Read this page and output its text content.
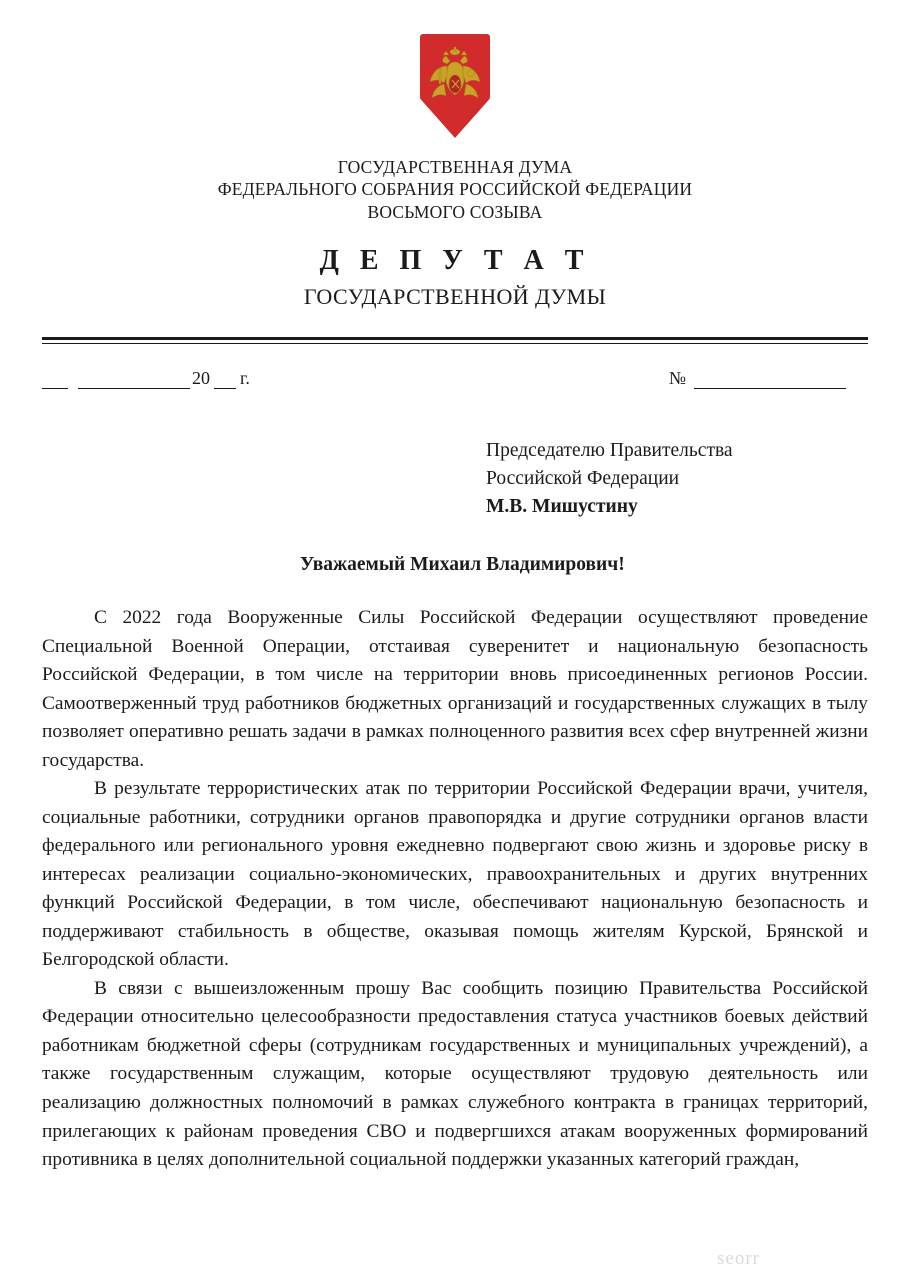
ГОСУДАРСТВЕННАЯ ДУМА
ФЕДЕРАЛЬНОГО СОБРАНИЯ РОССИЙСКОЙ ФЕДЕРАЦИИ
ВОСЬМОГО СОЗЫВА
Д Е П У Т А Т
ГОСУДАРСТВЕННОЙ ДУМЫ
20 г.	№
Председателю Правительства
Российской Федерации
М.В. Мишустину
Уважаемый Михаил Владимирович!

С 2022 года Вооруженные Силы Российской Федерации осуществляют проведение Специальной Военной Операции, отстаивая суверенитет и национальную безопасность Российской Федерации, в том числе на территории вновь присоединенных регионов России. Самоотверженный труд работников бюджетных организаций и государственных служащих в тылу позволяет оперативно решать задачи в рамках полноценного развития всех сфер внутренней жизни государства.

В результате террористических атак по территории Российской Федерации врачи, учителя, социальные работники, сотрудники органов правопорядка и другие сотрудники органов власти федерального или регионального уровня ежедневно подвергают свою жизнь и здоровье риску в интересах реализации социально-экономических, правоохранительных и других внутренних функций Российской Федерации, в том числе, обеспечивают национальную безопасность и поддерживают стабильность в обществе, оказывая помощь жителям Курской, Брянской и Белгородской области.

В связи с вышеизложенным прошу Вас сообщить позицию Правительства Российской Федерации относительно целесообразности предоставления статуса участников боевых действий работникам бюджетной сферы (сотрудникам государственных и муниципальных учреждений), а также государственным служащим, которые осуществляют трудовую деятельность или реализацию должностных полномочий в рамках служебного контракта в границах территорий, прилегающих к районам проведения СВО и подвергшихся атакам вооруженных формирований противника в целях дополнительной социальной поддержки указанных категорий граждан,

seorr
